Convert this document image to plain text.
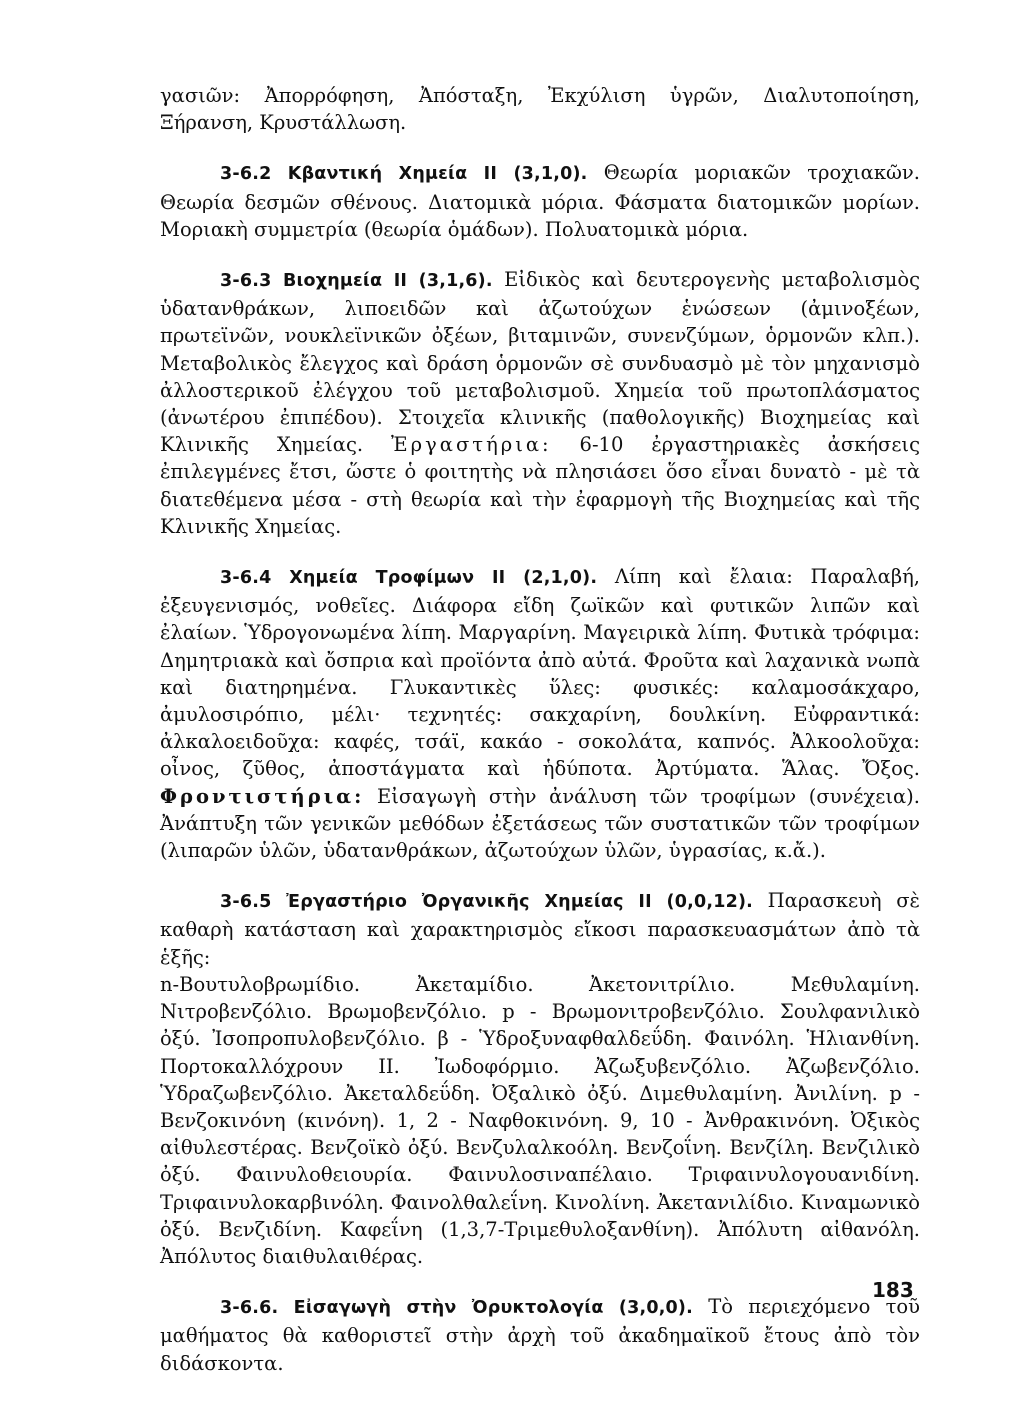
γασιῶν: Ἀπορρόφηση, Ἀπόσταξη, Ἐκχύλιση ὑγρῶν, Διαλυτοποίηση, Ξήρανση, Κρυστάλλωση.

3-6.2 Κβαντική Χημεία II (3,1,0). Θεωρία μοριακῶν τροχιακῶν. Θεωρία δεσμῶν σθένους. Διατομικὰ μόρια. Φάσματα διατομικῶν μορίων. Μοριακὴ συμμετρία (θεωρία ὁμάδων). Πολυατομικὰ μόρια.

3-6.3 Βιοχημεία II (3,1,6). Εἰδικὸς καὶ δευτερογενὴς μεταβολισμὸς ὑδατανθράκων, λιποειδῶν καὶ ἀζωτούχων ἑνώσεων (ἀμινοξέων, πρωτεϊνῶν, νουκλεϊνικῶν ὀξέων, βιταμινῶν, συνενζύμων, ὁρμονῶν κλπ.). Μεταβολικὸς ἔλεγχος καὶ δράση ὁρμονῶν σὲ συνδυασμὸ μὲ τὸν μηχανισμὸ ἀλλοστερικοῦ ἐλέγχου τοῦ μεταβολισμοῦ. Χημεία τοῦ πρωτοπλάσματος (ἀνωτέρου ἐπιπέδου). Στοιχεῖα κλινικῆς (παθολογικῆς) Βιοχημείας καὶ Κλινικῆς Χημείας. Ἐργαστήρια: 6-10 ἐργαστηριακὲς ἀσκήσεις ἐπιλεγμένες ἔτσι, ὥστε ὁ φοιτητὴς νὰ πλησιάσει ὅσο εἶναι δυνατὸ - μὲ τὰ διατεθέμενα μέσα - στὴ θεωρία καὶ τὴν ἐφαρμογὴ τῆς Βιοχημείας καὶ τῆς Κλινικῆς Χημείας.

3-6.4 Χημεία Τροφίμων II (2,1,0). Λίπη καὶ ἔλαια: Παραλαβή, ἐξευγενισμός, νοθεῖες. Διάφορα εἴδη ζωϊκῶν καὶ φυτικῶν λιπῶν καὶ ἐλαίων. Ὑδρογονωμένα λίπη. Μαργαρίνη. Μαγειρικὰ λίπη. Φυτικὰ τρόφιμα: Δημητριακὰ καὶ ὄσπρια καὶ προϊόντα ἀπὸ αὐτά. Φροῦτα καὶ λαχανικὰ νωπὰ καὶ διατηρημένα. Γλυκαντικὲς ὕλες: φυσικές: καλαμοσάκχαρο, ἀμυλοσιρόπιο, μέλι· τεχνητές: σακχαρίνη, δουλκίνη. Εὐφραντικά: ἀλκαλοειδοῦχα: καφές, τσάϊ, κακάο - σοκολάτα, καπνός. Ἀλκοολοῦχα: οἶνος, ζῦθος, ἀποστάγματα καὶ ἡδύποτα. Ἀρτύματα. Ἅλας. Ὄξος. Φροντιστήρια: Εἰσαγωγὴ στὴν ἀνάλυση τῶν τροφίμων (συνέχεια). Ἀνάπτυξη τῶν γενικῶν μεθόδων ἐξετάσεως τῶν συστατικῶν τῶν τροφίμων (λιπαρῶν ὑλῶν, ὑδατανθράκων, ἀζωτούχων ὑλῶν, ὑγρασίας, κ.ἄ.).

3-6.5 Ἐργαστήριο Ὀργανικῆς Χημείας II (0,0,12). Παρασκευὴ σὲ καθαρὴ κατάσταση καὶ χαρακτηρισμὸς εἴκοσι παρασκευασμάτων ἀπὸ τὰ ἑξῆς:

n-Βουτυλοβρωμίδιο. Ἀκεταμίδιο. Ἀκετονιτρίλιο. Μεθυλαμίνη. Νιτροβενζόλιο. Βρωμοβενζόλιο. p - Βρωμονιτροβενζόλιο. Σουλφανιλικὸ ὀξύ. Ἰσοπροπυλοβενζόλιο. β - Ὑδροξυναφθαλδεΰδη. Φαινόλη. Ἡλιανθίνη. Πορτοκαλλόχρουν II. Ἰωδοφόρμιο. Ἀζωξυβενζόλιο. Ἀζωβενζόλιο. Ὑδραζωβενζόλιο. Ἀκεταλδεΰδη. Ὀξαλικὸ ὀξύ. Διμεθυλαμίνη. Ἀνιλίνη. p - Βενζοκινόνη (κινόνη). 1, 2 - Ναφθοκινόνη. 9, 10 - Ἀνθρακινόνη. Ὀξικὸς αἰθυλεστέρας. Βενζοϊκὸ ὀξύ. Βενζυλαλκοόλη. Βενζοΐνη. Βενζίλη. Βενζιλικὸ ὀξύ. Φαινυλοθειουρία. Φαινυλοσιναπέλαιο. Τριφαινυλογουανιδίνη. Τριφαινυλοκαρβινόλη. Φαινολθαλεΐνη. Κινολίνη. Ἀκετανιλίδιο. Κιναμωνικὸ ὀξύ. Βενζιδίνη. Καφεΐνη (1,3,7-Τριμεθυλοξανθίνη). Ἀπόλυτη αἰθανόλη. Ἀπόλυτος διαιθυλαιθέρας.

3-6.6. Εἰσαγωγὴ στὴν Ὀρυκτολογία (3,0,0). Τὸ περιεχόμενο τοῦ μαθήματος θὰ καθοριστεῖ στὴν ἀρχὴ τοῦ ἀκαδημαϊκοῦ ἔτους ἀπὸ τὸν διδάσκοντα.

183
